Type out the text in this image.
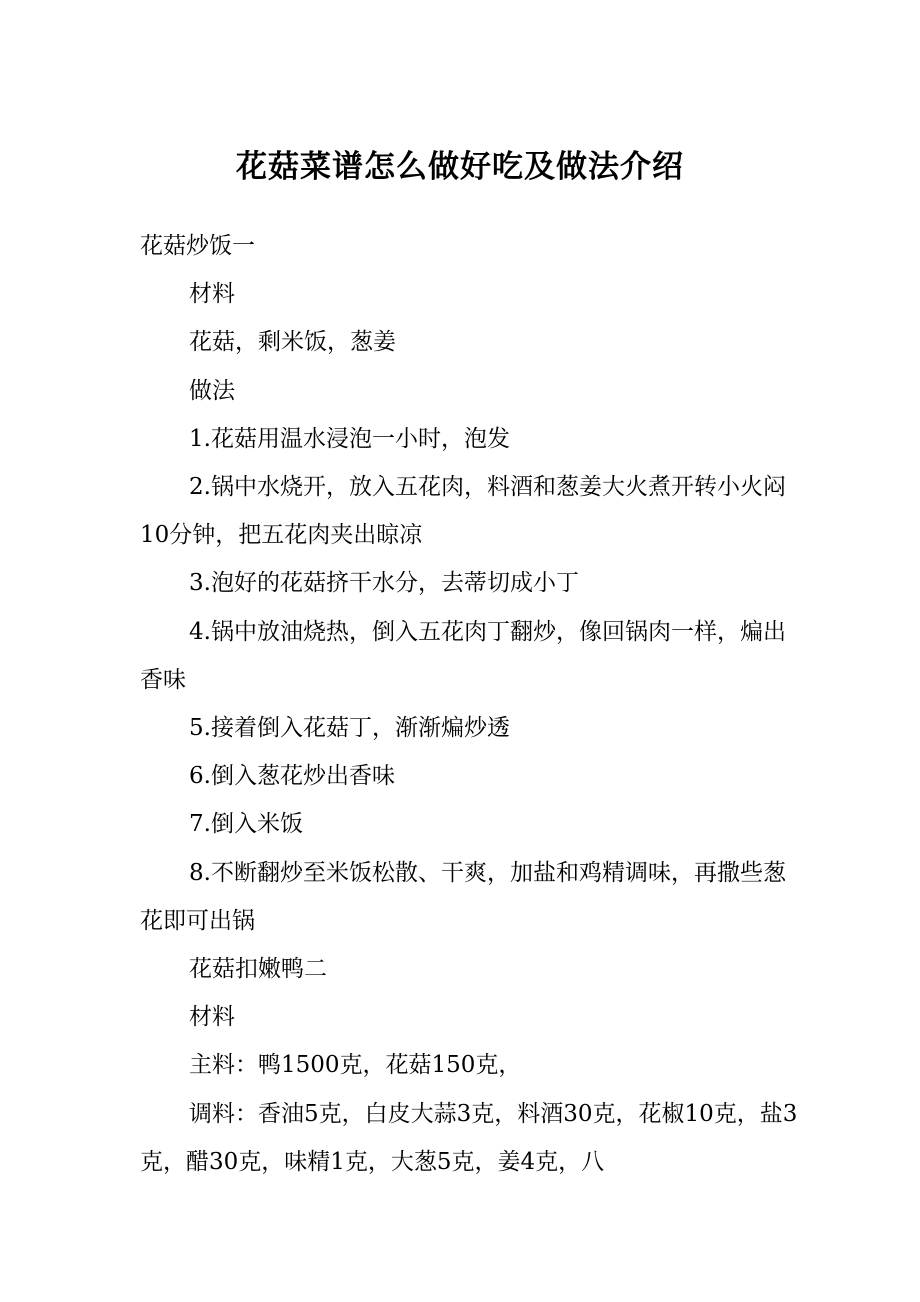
花菇菜谱怎么做好吃及做法介绍

花菇炒饭一

材料

花菇，剩米饭，葱姜

做法

1.花菇用温水浸泡一小时，泡发

2.锅中水烧开，放入五花肉，料酒和葱姜大火煮开转小火闷10分钟，把五花肉夹出晾凉

3.泡好的花菇挤干水分，去蒂切成小丁

4.锅中放油烧热，倒入五花肉丁翻炒，像回锅肉一样，煸出香味

5.接着倒入花菇丁，渐渐煸炒透

6.倒入葱花炒出香味

7.倒入米饭

8.不断翻炒至米饭松散、干爽，加盐和鸡精调味，再撒些葱花即可出锅

花菇扣嫩鸭二

材料

主料：鸭1500克，花菇150克，

调料：香油5克，白皮大蒜3克，料酒30克，花椒10克，盐3克，醋30克，味精1克，大葱5克，姜4克，八
